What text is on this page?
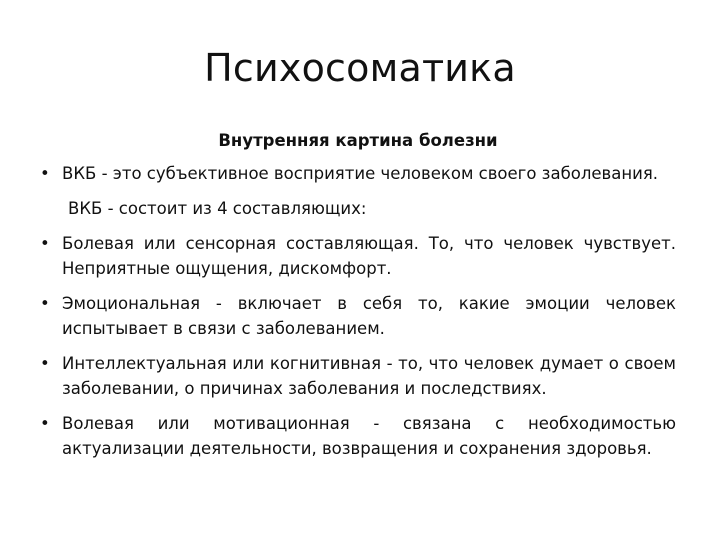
Психосоматика
Внутренняя картина болезни
• ВКБ - это субъективное восприятие человеком своего заболевания.
ВКБ - состоит из 4 составляющих:
• Болевая или сенсорная составляющая. То, что человек чувствует. Неприятные ощущения, дискомфорт.
• Эмоциональная - включает в себя то, какие эмоции человек испытывает в связи с заболеванием.
• Интеллектуальная или когнитивная - то, что человек думает о своем заболевании, о причинах заболевания и последствиях.
• Волевая или мотивационная - связана с необходимостью актуализации деятельности, возвращения и сохранения здоровья.
